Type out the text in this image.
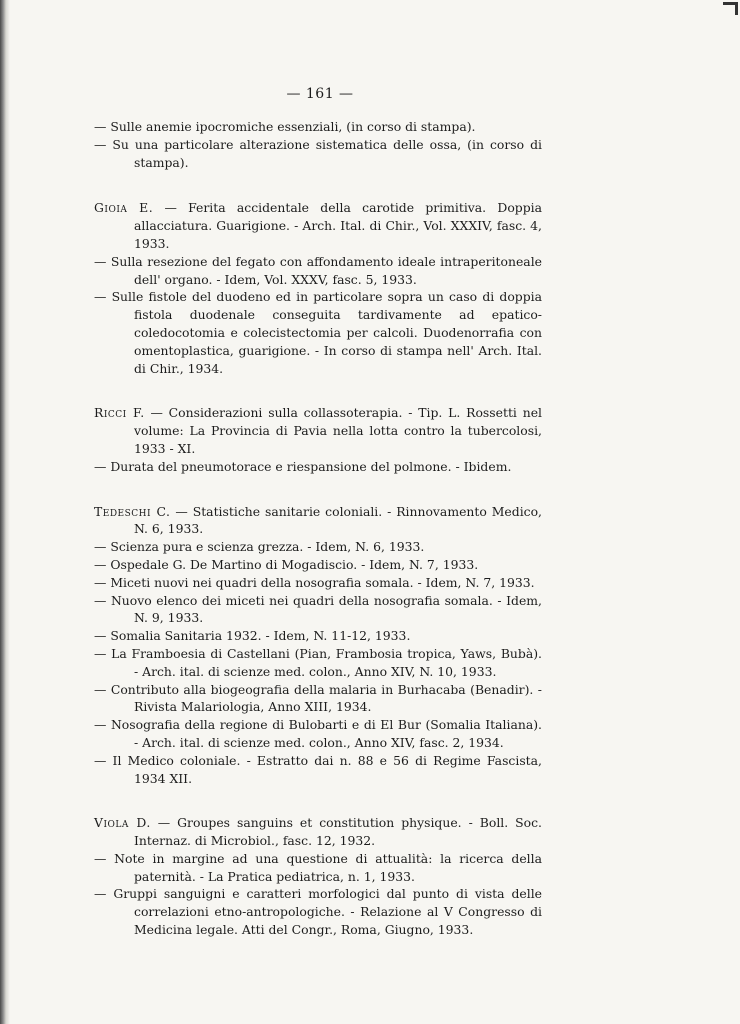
— 161 —

— Sulle anemie ipocromiche essenziali, (in corso di stampa).

— Su una particolare alterazione sistematica delle ossa, (in corso di stampa).

Gioia E. — Ferita accidentale della carotide primitiva. Doppia allacciatura. Guarigione. - Arch. Ital. di Chir., Vol. XXXIV, fasc. 4, 1933.

— Sulla resezione del fegato con affondamento ideale intraperitoneale dell' organo. - Idem, Vol. XXXV, fasc. 5, 1933.

— Sulle fistole del duodeno ed in particolare sopra un caso di doppia fistola duodenale conseguita tardivamente ad epatico-coledocotomia e colecistectomia per calcoli. Duodenorrafia con omentoplastica, guarigione. - In corso di stampa nell' Arch. Ital. di Chir., 1934.

Ricci F. — Considerazioni sulla collassoterapia. - Tip. L. Rossetti nel volume: La Provincia di Pavia nella lotta contro la tubercolosi, 1933 - XI.

— Durata del pneumotorace e riespansione del polmone. - Ibidem.

Tedeschi C. — Statistiche sanitarie coloniali. - Rinnovamento Medico, N. 6, 1933.

— Scienza pura e scienza grezza. - Idem, N. 6, 1933.

— Ospedale G. De Martino di Mogadiscio. - Idem, N. 7, 1933.

— Miceti nuovi nei quadri della nosografia somala. - Idem, N. 7, 1933.

— Nuovo elenco dei miceti nei quadri della nosografia somala. - Idem, N. 9, 1933.

— Somalia Sanitaria 1932. - Idem, N. 11-12, 1933.

— La Framboesia di Castellani (Pian, Frambosia tropica, Yaws, Bubà). - Arch. ital. di scienze med. colon., Anno XIV, N. 10, 1933.

— Contributo alla biogeografia della malaria in Burhacaba (Benadir). - Rivista Malariologia, Anno XIII, 1934.

— Nosografia della regione di Bulobarti e di El Bur (Somalia Italiana). - Arch. ital. di scienze med. colon., Anno XIV, fasc. 2, 1934.

— Il Medico coloniale. - Estratto dai n. 88 e 56 di Regime Fascista, 1934 XII.

Viola D. — Groupes sanguins et constitution physique. - Boll. Soc. Internaz. di Microbiol., fasc. 12, 1932.

— Note in margine ad una questione di attualità: la ricerca della paternità. - La Pratica pediatrica, n. 1, 1933.

— Gruppi sanguigni e caratteri morfologici dal punto di vista delle correlazioni etno-antropologiche. - Relazione al V Congresso di Medicina legale. Atti del Congr., Roma, Giugno, 1933.
